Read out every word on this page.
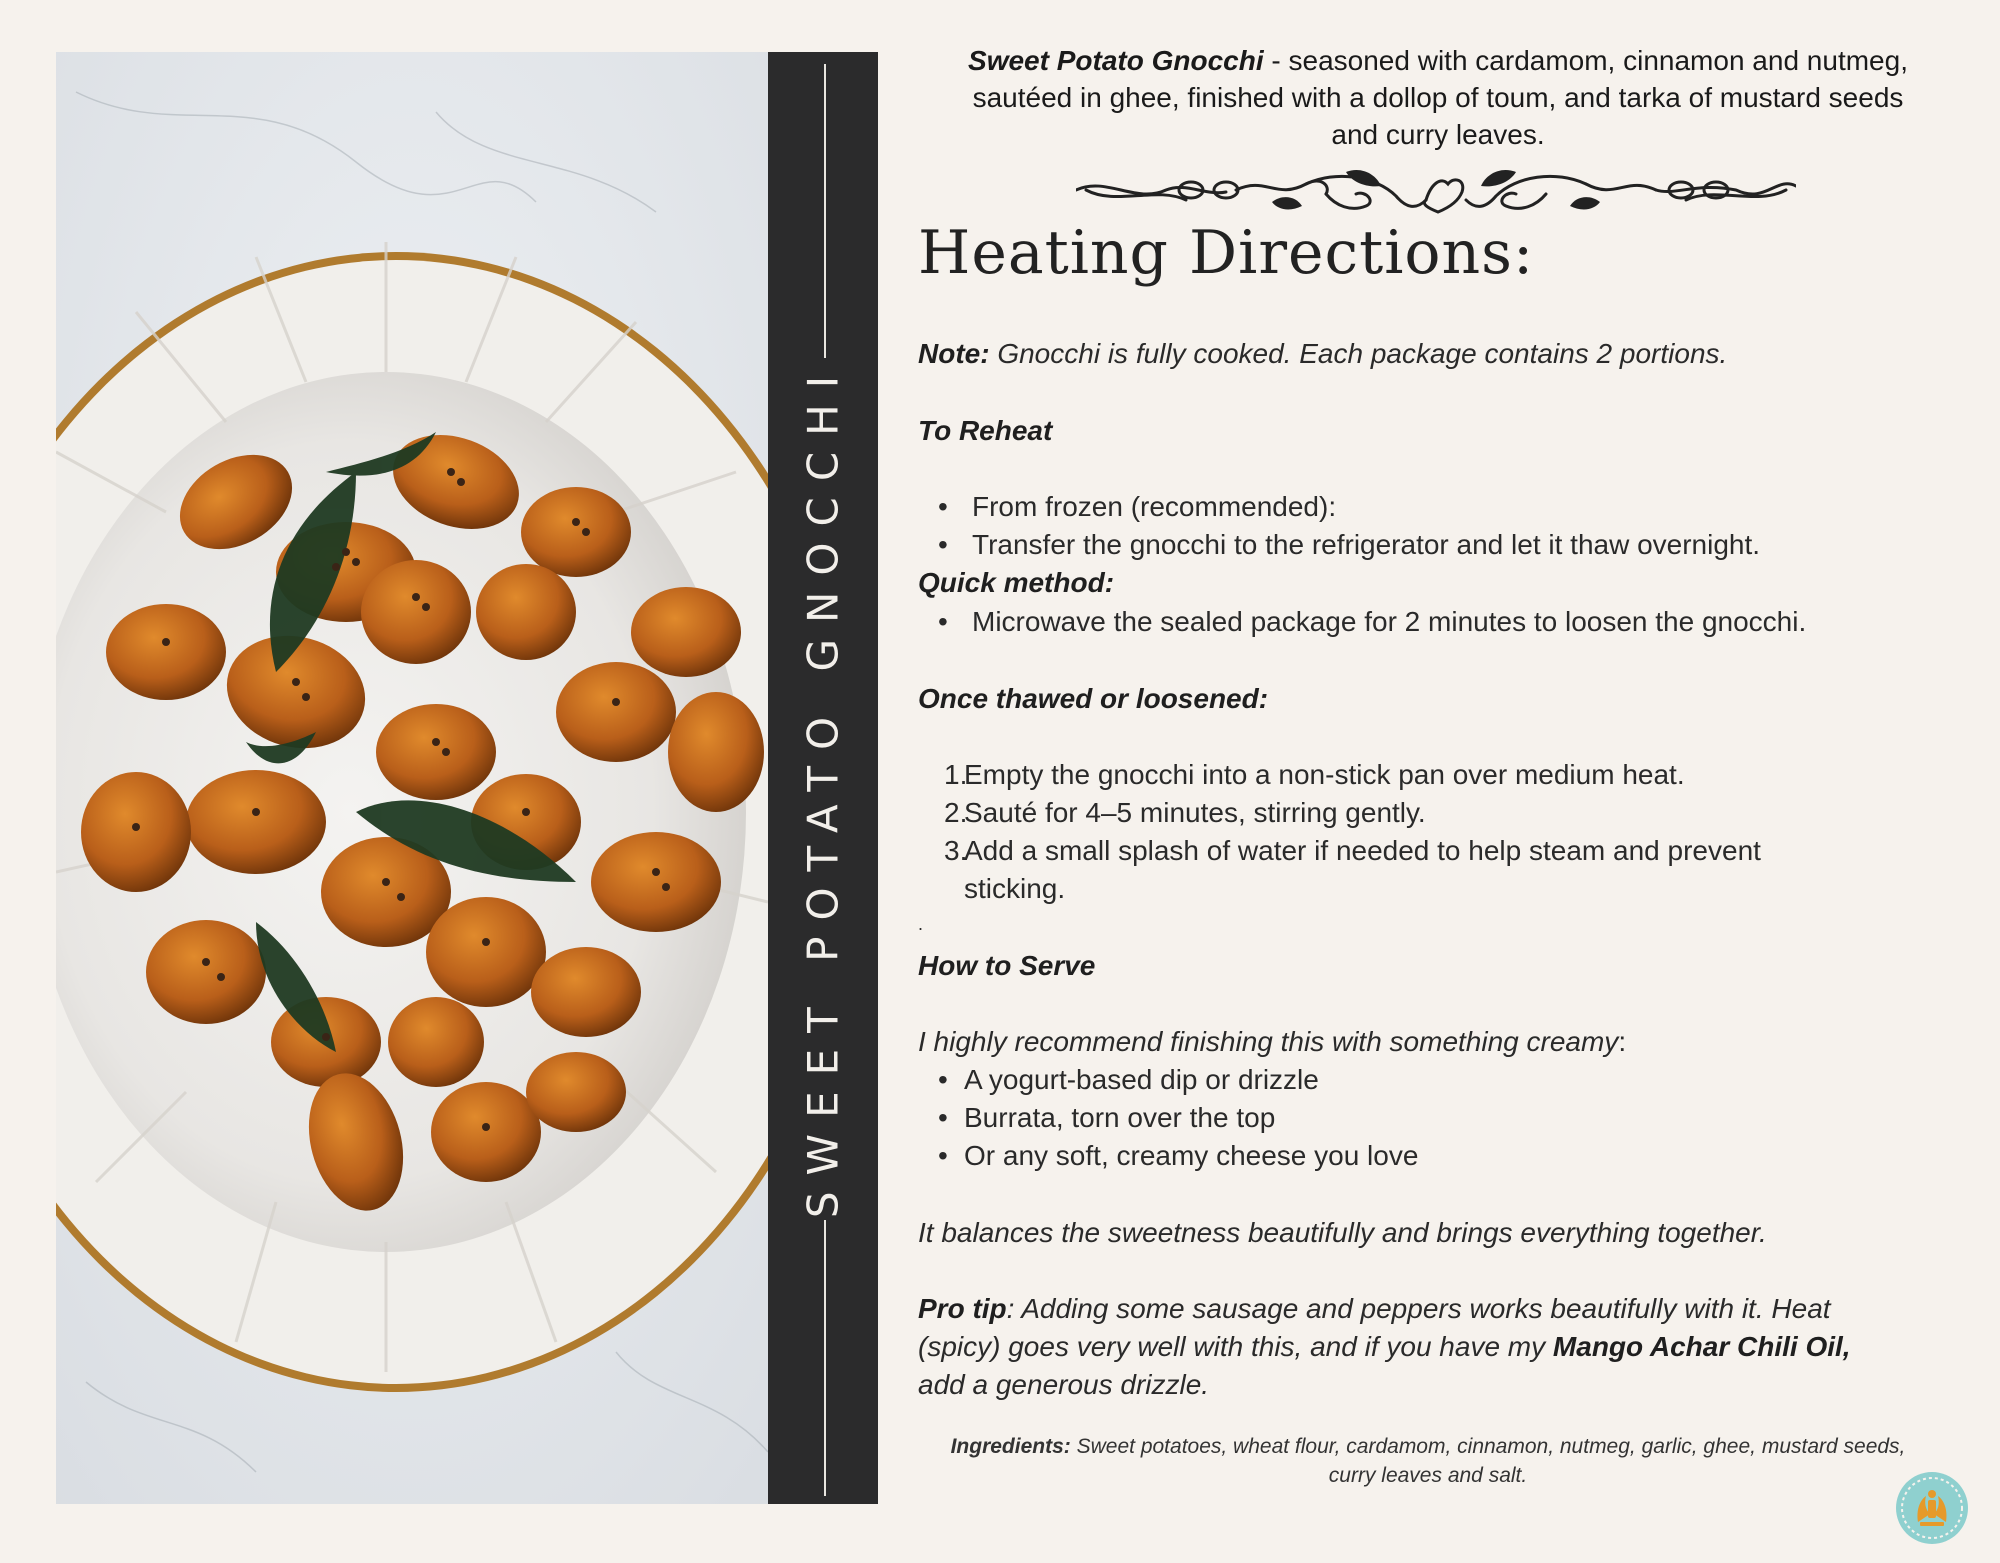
SWEET POTATO GNOCCHI
Sweet Potato Gnocchi - seasoned with cardamom, cinnamon and nutmeg, sautéed in ghee, finished with a dollop of toum, and tarka of mustard seeds and curry leaves.
Heating Directions:
Note: Gnocchi is fully cooked. Each package contains 2 portions.
To Reheat
• From frozen (recommended):
• Transfer the gnocchi to the refrigerator and let it thaw overnight.
Quick method:
• Microwave the sealed package for 2 minutes to loosen the gnocchi.
Once thawed or loosened:
1.
Empty the gnocchi into a non-stick pan over medium heat.
2.
Sauté for 4–5 minutes, stirring gently.
3.
Add a small splash of water if needed to help steam and prevent
sticking.
.
How to Serve
I highly recommend finishing this with something creamy:
• A yogurt-based dip or drizzle
• Burrata, torn over the top
• Or any soft, creamy cheese you love
It balances the sweetness beautifully and brings everything together.
Pro tip: Adding some sausage and peppers works beautifully with it. Heat
(spicy) goes very well with this, and if you have my Mango Achar Chili Oil,
add a generous drizzle.
Ingredients: Sweet potatoes, wheat flour, cardamom, cinnamon, nutmeg, garlic, ghee, mustard seeds, curry leaves and salt.
